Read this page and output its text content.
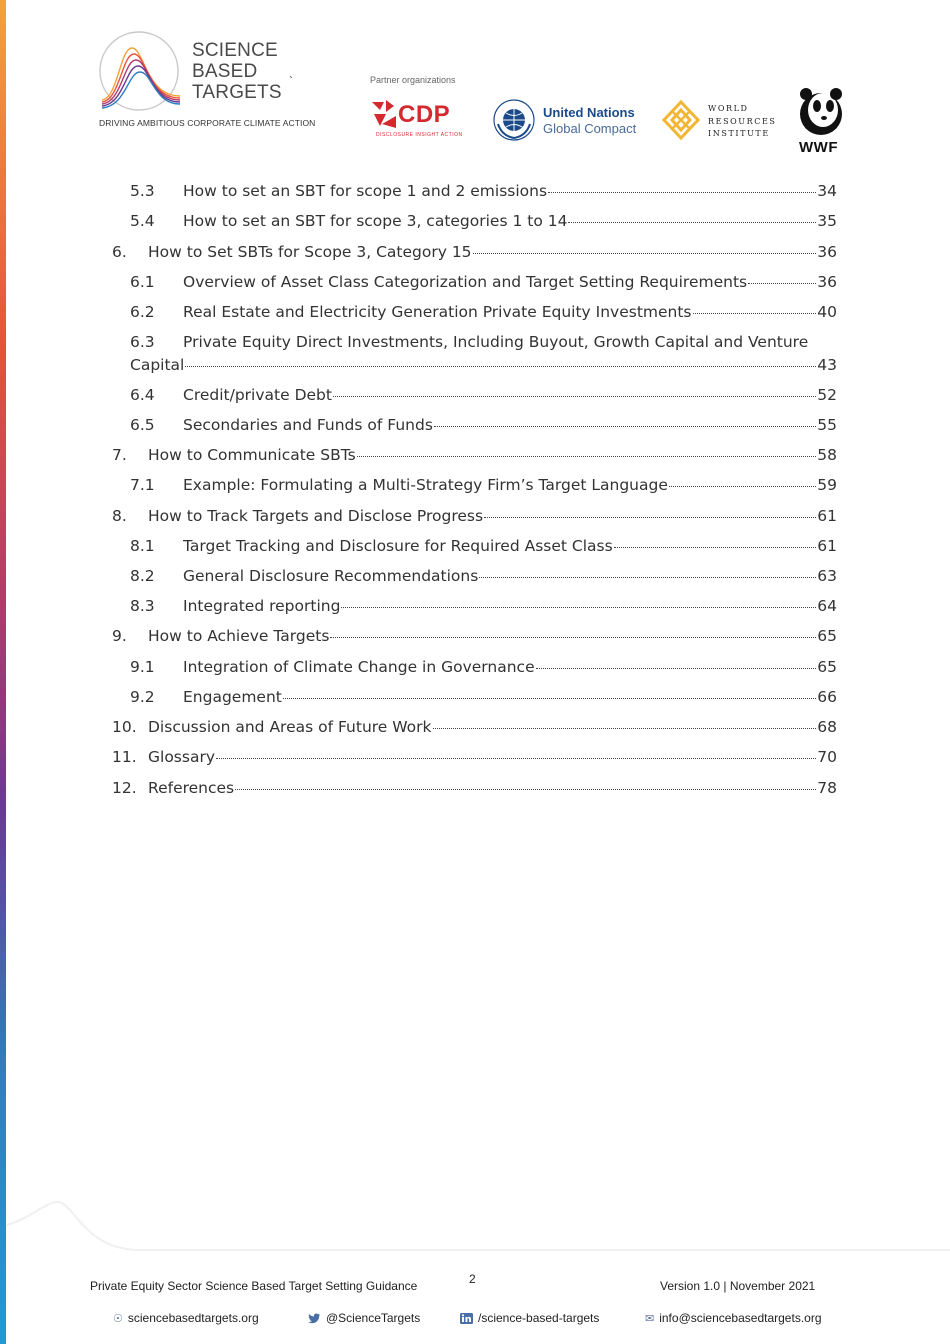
SCIENCE
BASED
TARGETS
DRIVING AMBITIOUS CORPORATE CLIMATE ACTION
`	Partner organizations
CDP
DISCLOSURE INSIGHT ACTION
United Nations
Global Compact
WORLD
RESOURCES
INSTITUTE
WWF
5.3	How to set an SBT for scope 1 and 2 emissions	34
5.4	How to set an SBT for scope 3, categories 1 to 14	35
6.	How to Set SBTs for Scope 3, Category 15	36
6.1	Overview of Asset Class Categorization and Target Setting Requirements	36
6.2	Real Estate and Electricity Generation Private Equity Investments	40
6.3	Private Equity Direct Investments, Including Buyout, Growth Capital and Venture
Capital	43
6.4	Credit/private Debt	52
6.5	Secondaries and Funds of Funds	55
7.	How to Communicate SBTs	58
7.1	Example: Formulating a Multi-Strategy Firm’s Target Language	59
8.	How to Track Targets and Disclose Progress	61
8.1	Target Tracking and Disclosure for Required Asset Class	61
8.2	General Disclosure Recommendations	63
8.3	Integrated reporting	64
9.	How to Achieve Targets	65
9.1	Integration of Climate Change in Governance	65
9.2	Engagement	66
10. Discussion and Areas of Future Work	68
11. Glossary	70
12. References	78
Private Equity Sector Science Based Target Setting Guidance	2	Version 1.0 | November 2021
☉ sciencebasedtargets.org	@ScienceTargets	/science-based-targets	✉ info@sciencebasedtargets.org
